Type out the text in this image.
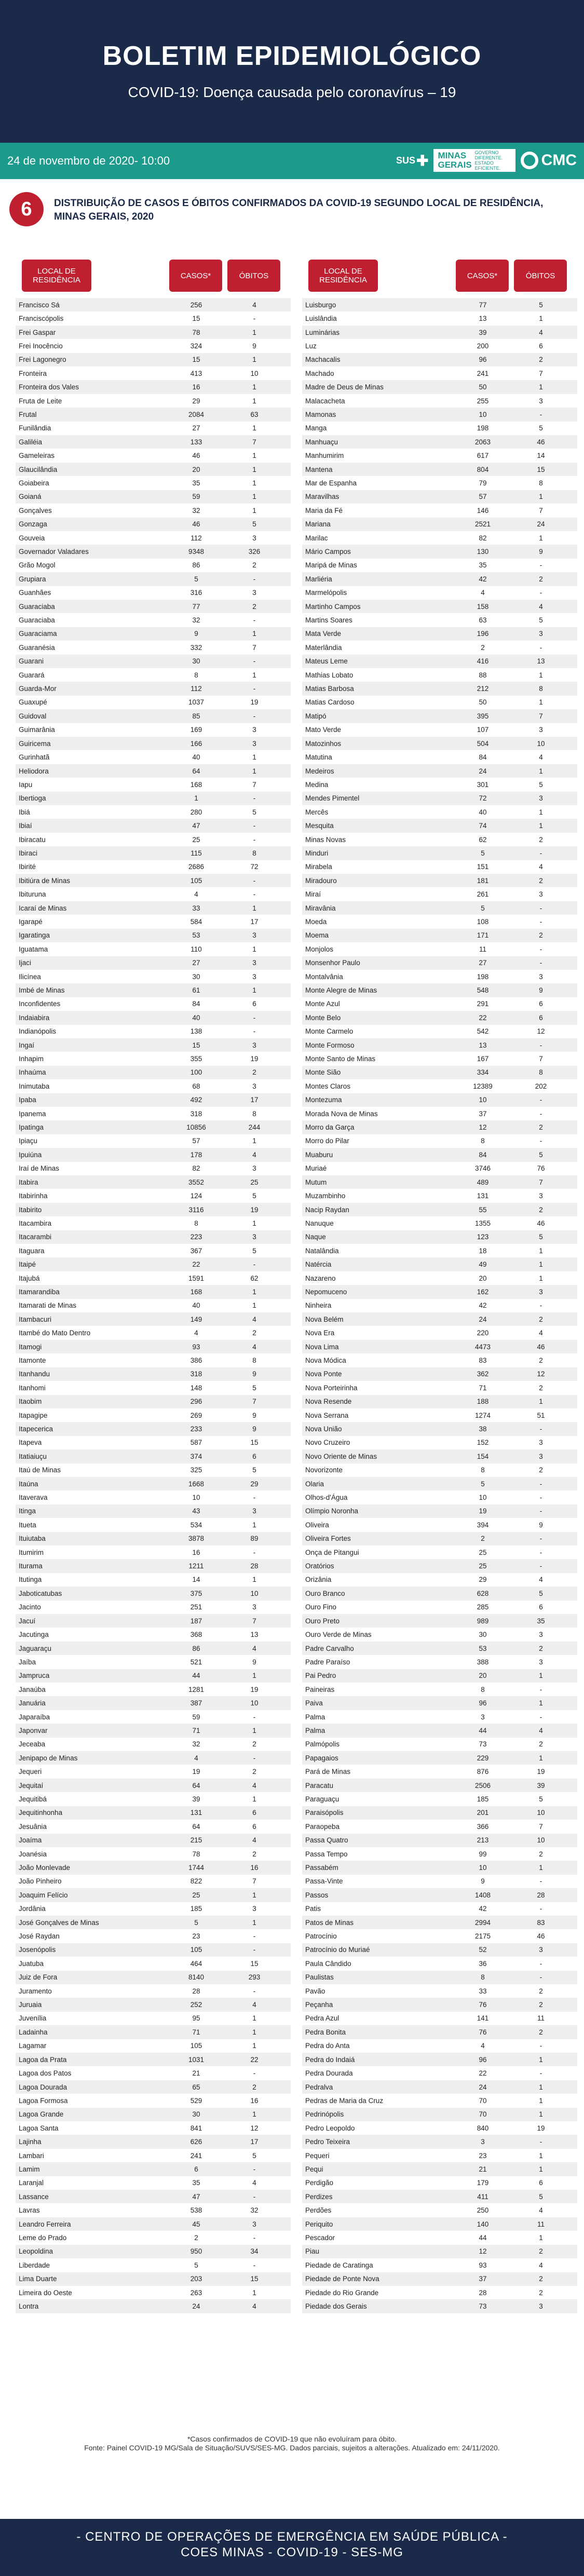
BOLETIM EPIDEMIOLÓGICO
COVID-19: Doença causada pelo coronavírus – 19
24 de novembro de 2020- 10:00	SUS ✚ MINAS
GERAIS
GOVERNO DIFERENTE. ESTADO EFICIENTE.	CMC
6	DISTRIBUIÇÃO DE CASOS E ÓBITOS CONFIRMADOS DA COVID-19 SEGUNDO LOCAL DE RESIDÊNCIA, MINAS GERAIS, 2020
LOCAL DE RESIDÊNCIA	CASOS*	ÓBITOS
Francisco Sá	256	4
Franciscópolis	15	-
Frei Gaspar	78	1
Frei Inocêncio	324	9
Frei Lagonegro	15	1
Fronteira	413	10
Fronteira dos Vales	16	1
Fruta de Leite	29	1
Frutal	2084	63
Funilândia	27	1
Galiléia	133	7
Gameleiras	46	1
Glaucilândia	20	1
Goiabeira	35	1
Goianá	59	1
Gonçalves	32	1
Gonzaga	46	5
Gouveia	112	3
Governador Valadares	9348	326
Grão Mogol	86	2
Grupiara	5	-
Guanhães	316	3
Guaraciaba	77	2
Guaraciaba	32	-
Guaraciama	9	1
Guaranésia	332	7
Guarani	30	-
Guarará	8	1
Guarda-Mor	112	-
Guaxupé	1037	19
Guidoval	85	-
Guimarânia	169	3
Guiricema	166	3
Gurinhatã	40	1
Heliodora	64	1
Iapu	168	7
Ibertioga	1	-
Ibiá	280	5
Ibiaí	47	-
Ibiracatu	25	-
Ibiraci	115	8
Ibirité	2686	72
Ibitiúra de Minas	105	-
Ibituruna	4	-
Icaraí de Minas	33	1
Igarapé	584	17
Igaratinga	53	3
Iguatama	110	1
Ijaci	27	3
Ilicínea	30	3
Imbé de Minas	61	1
Inconfidentes	84	6
Indaiabira	40	-
Indianópolis	138	-
Ingaí	15	3
Inhapim	355	19
Inhaúma	100	2
Inimutaba	68	3
Ipaba	492	17
Ipanema	318	8
Ipatinga	10856	244
Ipiaçu	57	1
Ipuiúna	178	4
Iraí de Minas	82	3
Itabira	3552	25
Itabirinha	124	5
Itabirito	3116	19
Itacambira	8	1
Itacarambi	223	3
Itaguara	367	5
Itaipé	22	-
Itajubá	1591	62
Itamarandiba	168	1
Itamarati de Minas	40	1
Itambacuri	149	4
Itambé do Mato Dentro	4	2
Itamogi	93	4
Itamonte	386	8
Itanhandu	318	9
Itanhomi	148	5
Itaobim	296	7
Itapagipe	269	9
Itapecerica	233	9
Itapeva	587	15
Itatiaiuçu	374	6
Itaú de Minas	325	5
Itaúna	1668	29
Itaverava	10	-
Itinga	43	3
Itueta	534	1
Ituiutaba	3878	89
Itumirim	16	-
Iturama	1211	28
Itutinga	14	1
Jaboticatubas	375	10
Jacinto	251	3
Jacuí	187	7
Jacutinga	368	13
Jaguaraçu	86	4
Jaíba	521	9
Jampruca	44	1
Janaúba	1281	19
Januária	387	10
Japaraíba	59	-
Japonvar	71	1
Jeceaba	32	2
Jenipapo de Minas	4	-
Jequeri	19	2
Jequitaí	64	4
Jequitibá	39	1
Jequitinhonha	131	6
Jesuânia	64	6
Joaíma	215	4
Joanésia	78	2
João Monlevade	1744	16
João Pinheiro	822	7
Joaquim Felício	25	1
Jordânia	185	3
José Gonçalves de Minas	5	1
José Raydan	23	-
Josenópolis	105	-
Juatuba	464	15
Juiz de Fora	8140	293
Juramento	28	-
Juruaia	252	4
Juvenília	95	1
Ladainha	71	1
Lagamar	105	1
Lagoa da Prata	1031	22
Lagoa dos Patos	21	-
Lagoa Dourada	65	2
Lagoa Formosa	529	16
Lagoa Grande	30	1
Lagoa Santa	841	12
Lajinha	626	17
Lambari	241	5
Lamim	6	-
Laranjal	35	4
Lassance	47	-
Lavras	538	32
Leandro Ferreira	45	3
Leme do Prado	2	-
Leopoldina	950	34
Liberdade	5	-
Lima Duarte	203	15
Limeira do Oeste	263	1
Lontra	24	4
LOCAL DE RESIDÊNCIA	CASOS*	ÓBITOS
Luisburgo	77	5
Luislândia	13	1
Luminárias	39	4
Luz	200	6
Machacalis	96	2
Machado	241	7
Madre de Deus de Minas	50	1
Malacacheta	255	3
Mamonas	10	-
Manga	198	5
Manhuaçu	2063	46
Manhumirim	617	14
Mantena	804	15
Mar de Espanha	79	8
Maravilhas	57	1
Maria da Fé	146	7
Mariana	2521	24
Marilac	82	1
Mário Campos	130	9
Maripá de Minas	35	-
Marliéria	42	2
Marmelópolis	4	-
Martinho Campos	158	4
Martins Soares	63	5
Mata Verde	196	3
Materlândia	2	-
Mateus Leme	416	13
Mathias Lobato	88	1
Matias Barbosa	212	8
Matias Cardoso	50	1
Matipó	395	7
Mato Verde	107	3
Matozinhos	504	10
Matutina	84	4
Medeiros	24	1
Medina	301	5
Mendes Pimentel	72	3
Mercês	40	1
Mesquita	74	1
Minas Novas	62	2
Minduri	5	-
Mirabela	151	4
Miradouro	181	2
Miraí	261	3
Miravânia	5	-
Moeda	108	-
Moema	171	2
Monjolos	11	-
Monsenhor Paulo	27	-
Montalvânia	198	3
Monte Alegre de Minas	548	9
Monte Azul	291	6
Monte Belo	22	6
Monte Carmelo	542	12
Monte Formoso	13	-
Monte Santo de Minas	167	7
Monte Sião	334	8
Montes Claros	12389	202
Montezuma	10	-
Morada Nova de Minas	37	-
Morro da Garça	12	2
Morro do Pilar	8	-
Muaburu	84	5
Muriaé	3746	76
Mutum	489	7
Muzambinho	131	3
Nacip Raydan	55	2
Nanuque	1355	46
Naque	123	5
Natalândia	18	1
Natércia	49	1
Nazareno	20	1
Nepomuceno	162	3
Ninheira	42	-
Nova Belém	24	2
Nova Era	220	4
Nova Lima	4473	46
Nova Módica	83	2
Nova Ponte	362	12
Nova Porteirinha	71	2
Nova Resende	188	1
Nova Serrana	1274	51
Nova União	38	-
Novo Cruzeiro	152	3
Novo Oriente de Minas	154	3
Novorizonte	8	2
Olaria	5	-
Olhos-d'Água	10	-
Olímpio Noronha	19	-
Oliveira	394	9
Oliveira Fortes	2	-
Onça de Pitangui	25	-
Oratórios	25	-
Orizânia	29	4
Ouro Branco	628	5
Ouro Fino	285	6
Ouro Preto	989	35
Ouro Verde de Minas	30	3
Padre Carvalho	53	2
Padre Paraíso	388	3
Pai Pedro	20	1
Paineiras	8	-
Paiva	96	1
Palma	3	-
Palma	44	4
Palmópolis	73	2
Papagaios	229	1
Pará de Minas	876	19
Paracatu	2506	39
Paraguaçu	185	5
Paraisópolis	201	10
Paraopeba	366	7
Passa Quatro	213	10
Passa Tempo	99	2
Passabém	10	1
Passa-Vinte	9	-
Passos	1408	28
Patis	42	-
Patos de Minas	2994	83
Patrocínio	2175	46
Patrocínio do Muriaé	52	3
Paula Cândido	36	-
Paulistas	8	-
Pavão	33	2
Peçanha	76	2
Pedra Azul	141	11
Pedra Bonita	76	2
Pedra do Anta	4	-
Pedra do Indaiá	96	1
Pedra Dourada	22	-
Pedralva	24	1
Pedras de Maria da Cruz	70	1
Pedrinópolis	70	1
Pedro Leopoldo	840	19
Pedro Teixeira	3	-
Pequeri	23	1
Pequi	21	1
Perdigão	179	6
Perdizes	411	5
Perdões	250	4
Periquito	140	11
Pescador	44	1
Piau	12	2
Piedade de Caratinga	93	4
Piedade de Ponte Nova	37	2
Piedade do Rio Grande	28	2
Piedade dos Gerais	73	3
*Casos confirmados de COVID-19 que não evoluíram para óbito.
Fonte: Painel COVID-19 MG/Sala de Situação/SUVS/SES-MG. Dados parciais, sujeitos a alterações. Atualizado em: 24/11/2020.
- CENTRO DE OPERAÇÕES DE EMERGÊNCIA EM SAÚDE PÚBLICA -
COES MINAS - COVID-19 - SES-MG
